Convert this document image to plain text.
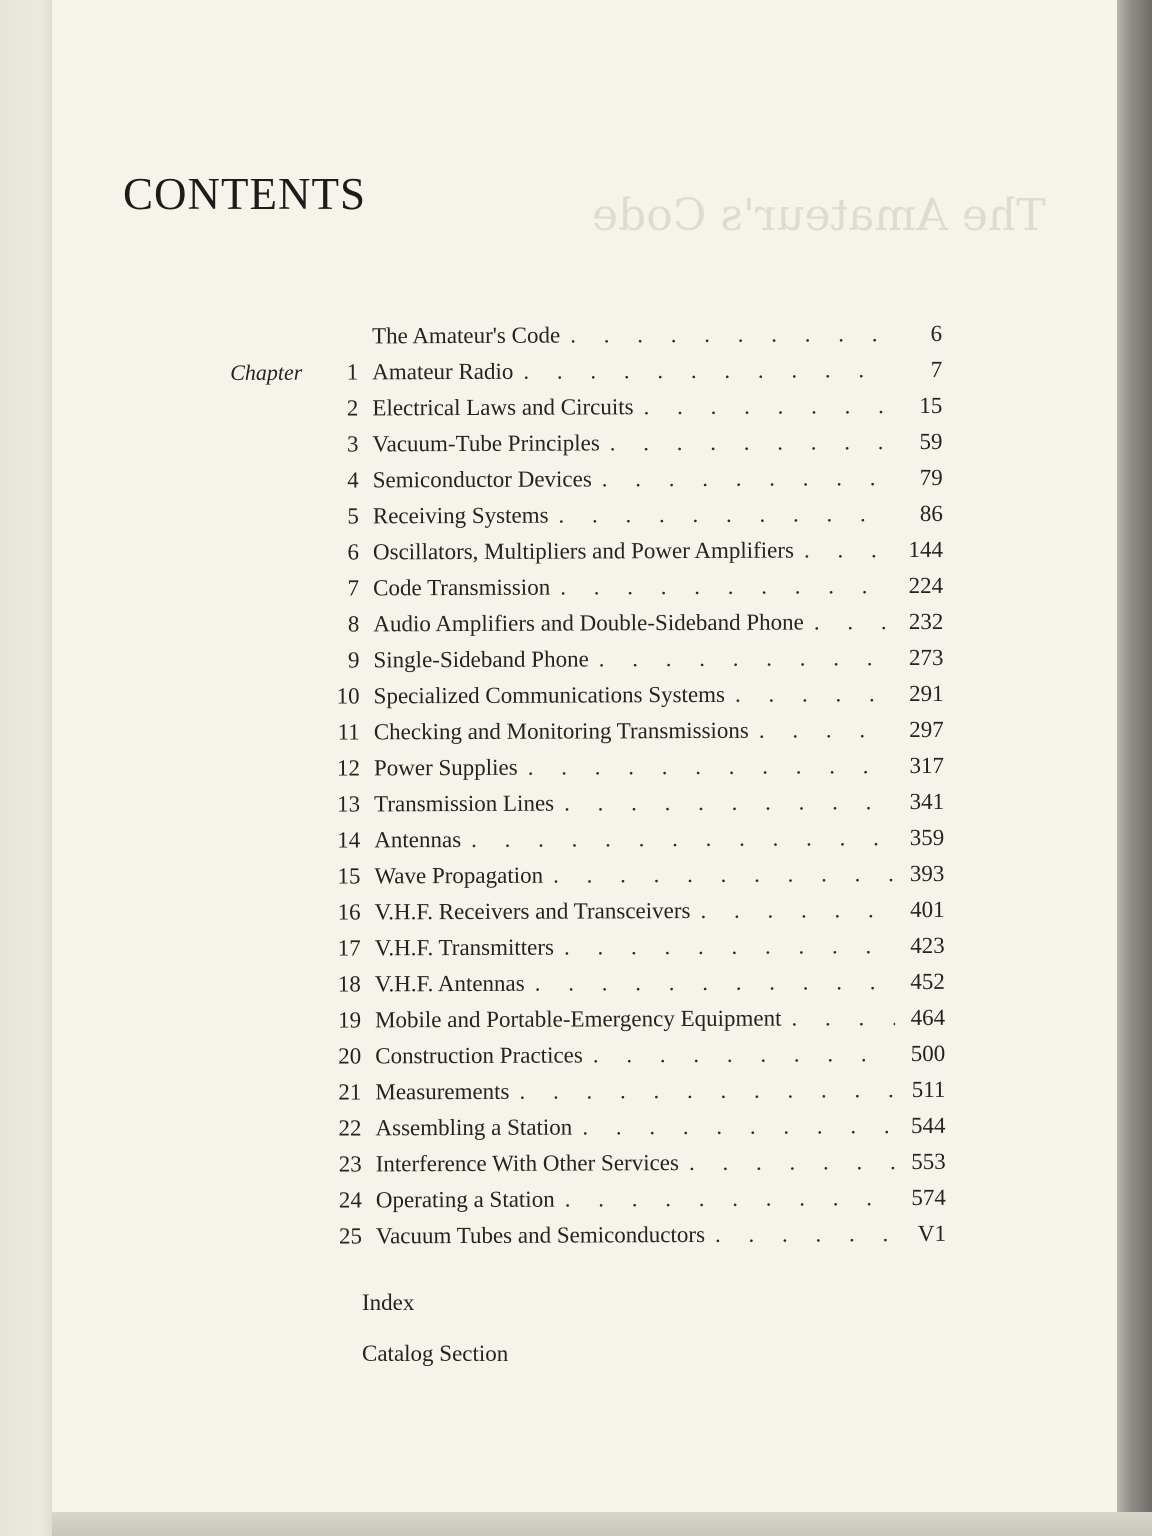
The Amateur's Code
CONTENTS
The Amateur's Code . . .	6
Chapter	1 Amateur Radio . . .	7
2 Electrical Laws and Circuits . . .	15
3 Vacuum-Tube Principles . . .	59
4 Semiconductor Devices . . .	79
5 Receiving Systems . . .	86
6 Oscillators, Multipliers and Power Amplifiers . . .	144
7 Code Transmission . . .	224
8 Audio Amplifiers and Double-Sideband Phone . . .	232
9 Single-Sideband Phone . . .	273
10 Specialized Communications Systems . . .	291
11 Checking and Monitoring Transmissions . . .	297
12 Power Supplies . . .	317
13 Transmission Lines . . .	341
14 Antennas . . .	359
15 Wave Propagation . . .	393
16 V.H.F. Receivers and Transceivers . . .	401
17 V.H.F. Transmitters . . .	423
18 V.H.F. Antennas . . .	452
19 Mobile and Portable-Emergency Equipment . . .	464
20 Construction Practices . . .	500
21 Measurements . . .	511
22 Assembling a Station . . .	544
23 Interference With Other Services . . .	553
24 Operating a Station . . .	574
25 Vacuum Tubes and Semiconductors . . .	V1
Index
Catalog Section
